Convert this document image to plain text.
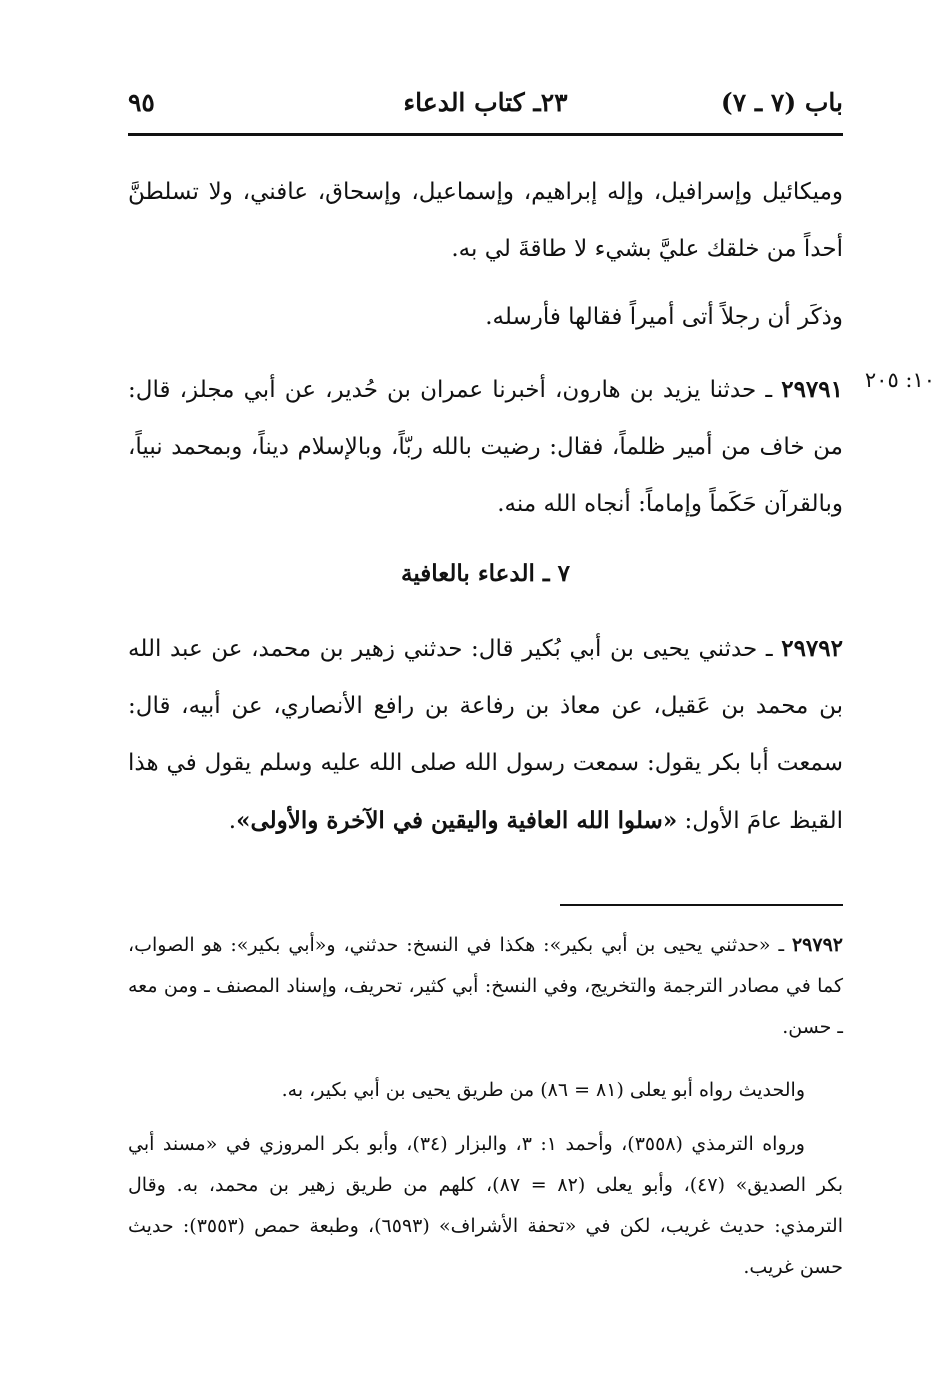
باب (٧ ـ ٧)
٢٣ـ كتاب الدعاء
٩٥
وميكائيل وإسرافيل، وإله إبراهيم، وإسماعيل، وإسحاق، عافني، ولا تسلطنَّ أحداً من خلقك عليَّ بشيء لا طاقةَ لي به.
وذكَر أن رجلاً أتى أميراً فقالها فأرسله.
١٠: ٢٠٥
٢٩٧٩١ ـ حدثنا يزيد بن هارون، أخبرنا عمران بن حُدير، عن أبي مجلز، قال: من خاف من أمير ظلماً، فقال: رضيت بالله ربّاً، وبالإسلام ديناً، وبمحمد نبياً، وبالقرآن حَكَماً وإماماً: أنجاه الله منه.
٧ ـ الدعاء بالعافية
٢٩٧٩٢ ـ حدثني يحيى بن أبي بُكير قال: حدثني زهير بن محمد، عن عبد الله بن محمد بن عَقيل، عن معاذ بن رفاعة بن رافع الأنصاري، عن أبيه، قال: سمعت أبا بكر يقول: سمعت رسول الله صلى الله عليه وسلم يقول في هذا القيظ عامَ الأول: «سلوا الله العافية واليقين في الآخرة والأولى».
٢٩٧٩٢ ـ «حدثني يحيى بن أبي بكير»: هكذا في النسخ: حدثني، و«أبي بكير»: هو الصواب، كما في مصادر الترجمة والتخريج، وفي النسخ: أبي كثير، تحريف، وإسناد المصنف ـ ومن معه ـ حسن.
والحديث رواه أبو يعلى (٨١ = ٨٦) من طريق يحيى بن أبي بكير، به.
ورواه الترمذي (٣٥٥٨)، وأحمد ١: ٣، والبزار (٣٤)، وأبو بكر المروزي في «مسند أبي بكر الصديق» (٤٧)، وأبو يعلى (٨٢ = ٨٧)، كلهم من طريق زهير بن محمد، به. وقال الترمذي: حديث غريب، لكن في «تحفة الأشراف» (٦٥٩٣)، وطبعة حمص (٣٥٥٣): حديث حسن غريب.
